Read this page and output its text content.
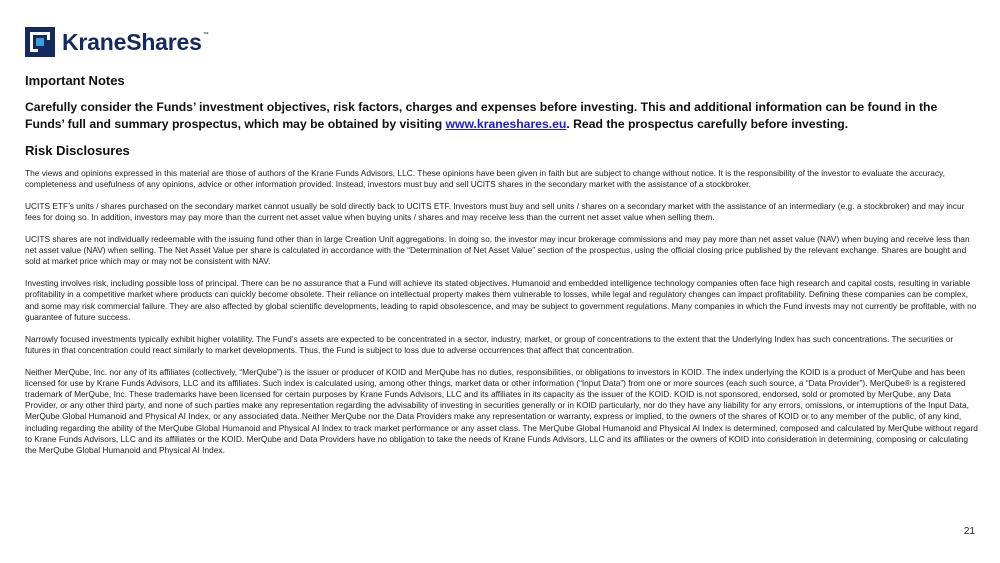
KraneShares ™
Important Notes

Carefully consider the Funds’ investment objectives, risk factors, charges and expenses before investing. This and additional information can be found in the Funds’ full and summary prospectus, which may be obtained by visiting www.kraneshares.eu. Read the prospectus carefully before investing.

Risk Disclosures

The views and opinions expressed in this material are those of authors of the Krane Funds Advisors, LLC. These opinions have been given in faith but are subject to change without notice. It is the responsibility of the investor to evaluate the accuracy, completeness and usefulness of any opinions, advice or other information provided. Instead, investors must buy and sell UCITS shares in the secondary market with the assistance of a stockbroker.

UCITS ETF’s units / shares purchased on the secondary market cannot usually be sold directly back to UCITS ETF. Investors must buy and sell units / shares on a secondary market with the assistance of an intermediary (e.g. a stockbroker) and may incur fees for doing so. In addition, investors may pay more than the current net asset value when buying units / shares and may receive less than the current net asset value when selling them.

UCITS shares are not individually redeemable with the issuing fund other than in large Creation Unit aggregations. In doing so, the investor may incur brokerage commissions and may pay more than net asset value (NAV) when buying and receive less than net asset value (NAV) when selling. The Net Asset Value per share is calculated in accordance with the “Determination of Net Asset Value” section of the prospectus, using the official closing price published by the relevant exchange. Shares are bought and sold at market price which may or may not be consistent with NAV.

Investing involves risk, including possible loss of principal. There can be no assurance that a Fund will achieve its stated objectives. Humanoid and embedded intelligence technology companies often face high research and capital costs, resulting in variable profitability in a competitive market where products can quickly become obsolete. Their reliance on intellectual property makes them vulnerable to losses, while legal and regulatory changes can impact profitability. Defining these companies can be complex, and some may risk commercial failure. They are also affected by global scientific developments, leading to rapid obsolescence, and may be subject to government regulations. Many companies in which the Fund invests may not currently be profitable, with no guarantee of future success.

Narrowly focused investments typically exhibit higher volatility. The Fund’s assets are expected to be concentrated in a sector, industry, market, or group of concentrations to the extent that the Underlying Index has such concentrations. The securities or futures in that concentration could react similarly to market developments. Thus, the Fund is subject to loss due to adverse occurrences that affect that concentration.

Neither MerQube, Inc. nor any of its affiliates (collectively, “MerQube”) is the issuer or producer of KOID and MerQube has no duties, responsibilities, or obligations to investors in KOID. The index underlying the KOID is a product of MerQube and has been licensed for use by Krane Funds Advisors, LLC and its affiliates. Such index is calculated using, among other things, market data or other information (“Input Data”) from one or more sources (each such source, a “Data Provider”). MerQube® is a registered trademark of MerQube, Inc. These trademarks have been licensed for certain purposes by Krane Funds Advisors, LLC and its affiliates in its capacity as the issuer of the KOID. KOID is not sponsored, endorsed, sold or promoted by MerQube, any Data Provider, or any other third party, and none of such parties make any representation regarding the advisability of investing in securities generally or in KOID particularly, nor do they have any liability for any errors, omissions, or interruptions of the Input Data, MerQube Global Humanoid and Physical AI Index, or any associated data. Neither MerQube nor the Data Providers make any representation or warranty, express or implied, to the owners of the shares of KOID or to any member of the public, of any kind, including regarding the ability of the MerQube Global Humanoid and Physical AI Index to track market performance or any asset class. The MerQube Global Humanoid and Physical AI Index is determined, composed and calculated by MerQube without regard to Krane Funds Advisors, LLC and its affiliates or the KOID. MerQube and Data Providers have no obligation to take the needs of Krane Funds Advisors, LLC and its affiliates or the owners of KOID into consideration in determining, composing or calculating the MerQube Global Humanoid and Physical AI Index.

21
